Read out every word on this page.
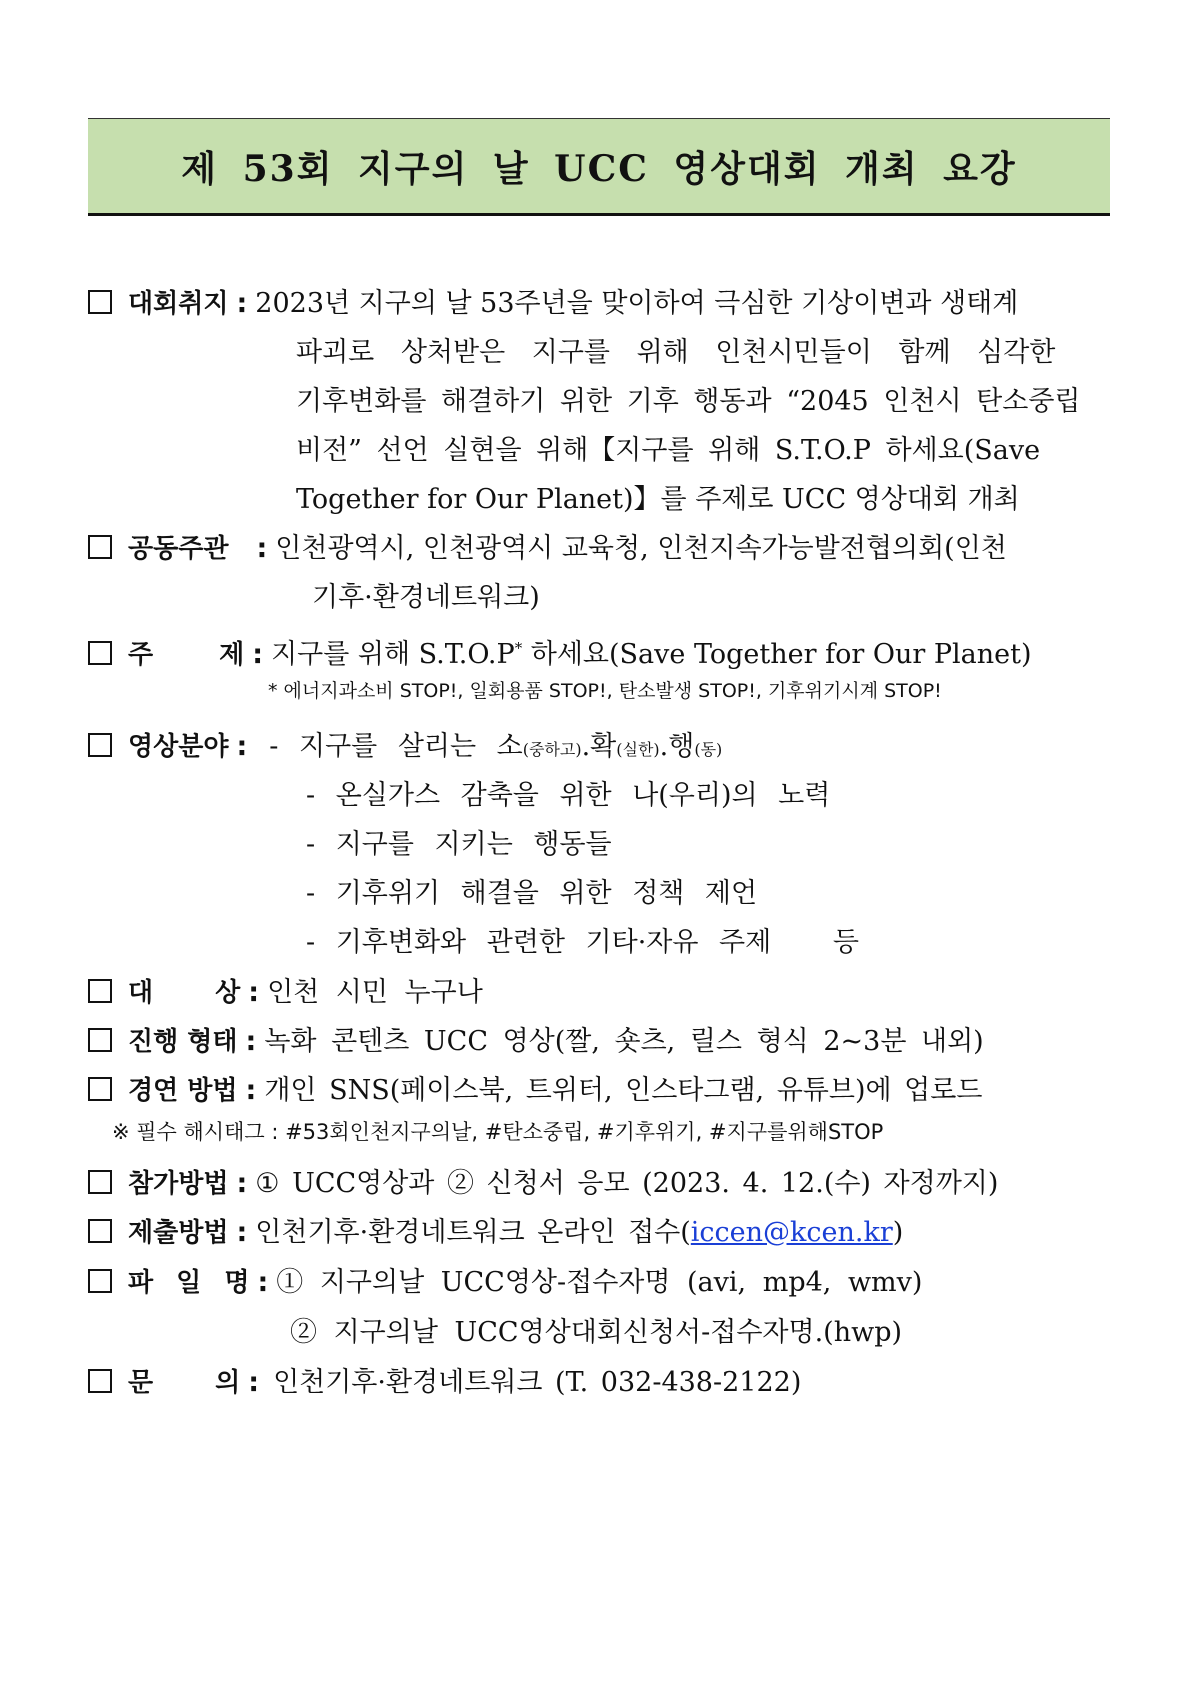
제 53회 지구의 날 UCC 영상대회 개최 요강
대회취지 : 2023년 지구의 날 53주년을 맞이하여 극심한 기상이변과 생태계
파괴로 상처받은 지구를 위해 인천시민들이 함께 심각한
기후변화를 해결하기 위한 기후 행동과 “2045 인천시 탄소중립
비전” 선언 실현을 위해【지구를 위해 S.T.O.P 하세요(Save
Together for Our Planet)】를 주제로 UCC 영상대회 개최
공동주관 : 인천광역시, 인천광역시 교육청, 인천지속가능발전협의회(인천
기후·환경네트워크)
주	제 : 지구를 위해 S.T.O.P* 하세요(Save Together for Our Planet)
* 에너지과소비 STOP!, 일회용품 STOP!, 탄소발생 STOP!, 기후위기시계 STOP!
영상분야 : - 지구를 살리는 소(중하고).확(실한).행(동)
- 온실가스 감축을 위한 나(우리)의 노력
- 지구를 지키는 행동들
- 기후위기 해결을 위한 정책 제언
- 기후변화와 관련한 기타·자유 주제   등
대 상 : 인천 시민 누구나
진행 형태 : 녹화 콘텐츠 UCC 영상(짤, 숏츠, 릴스 형식 2~3분 내외)
경연 방법 : 개인 SNS(페이스북, 트위터, 인스타그램, 유튜브)에 업로드
※ 필수 해시태그 : #53회인천지구의날, #탄소중립, #기후위기, #지구를위해STOP
참가방법 : ① UCC영상과 ② 신청서 응모 (2023. 4. 12.(수) 자정까지)
제출방법 : 인천기후·환경네트워크 온라인 접수(iccen@kcen.kr)
파 일 명 : ① 지구의날 UCC영상-접수자명 (avi, mp4, wmv)
② 지구의날 UCC영상대회신청서-접수자명.(hwp)
문 의 : 인천기후·환경네트워크 (T. 032-438-2122)
